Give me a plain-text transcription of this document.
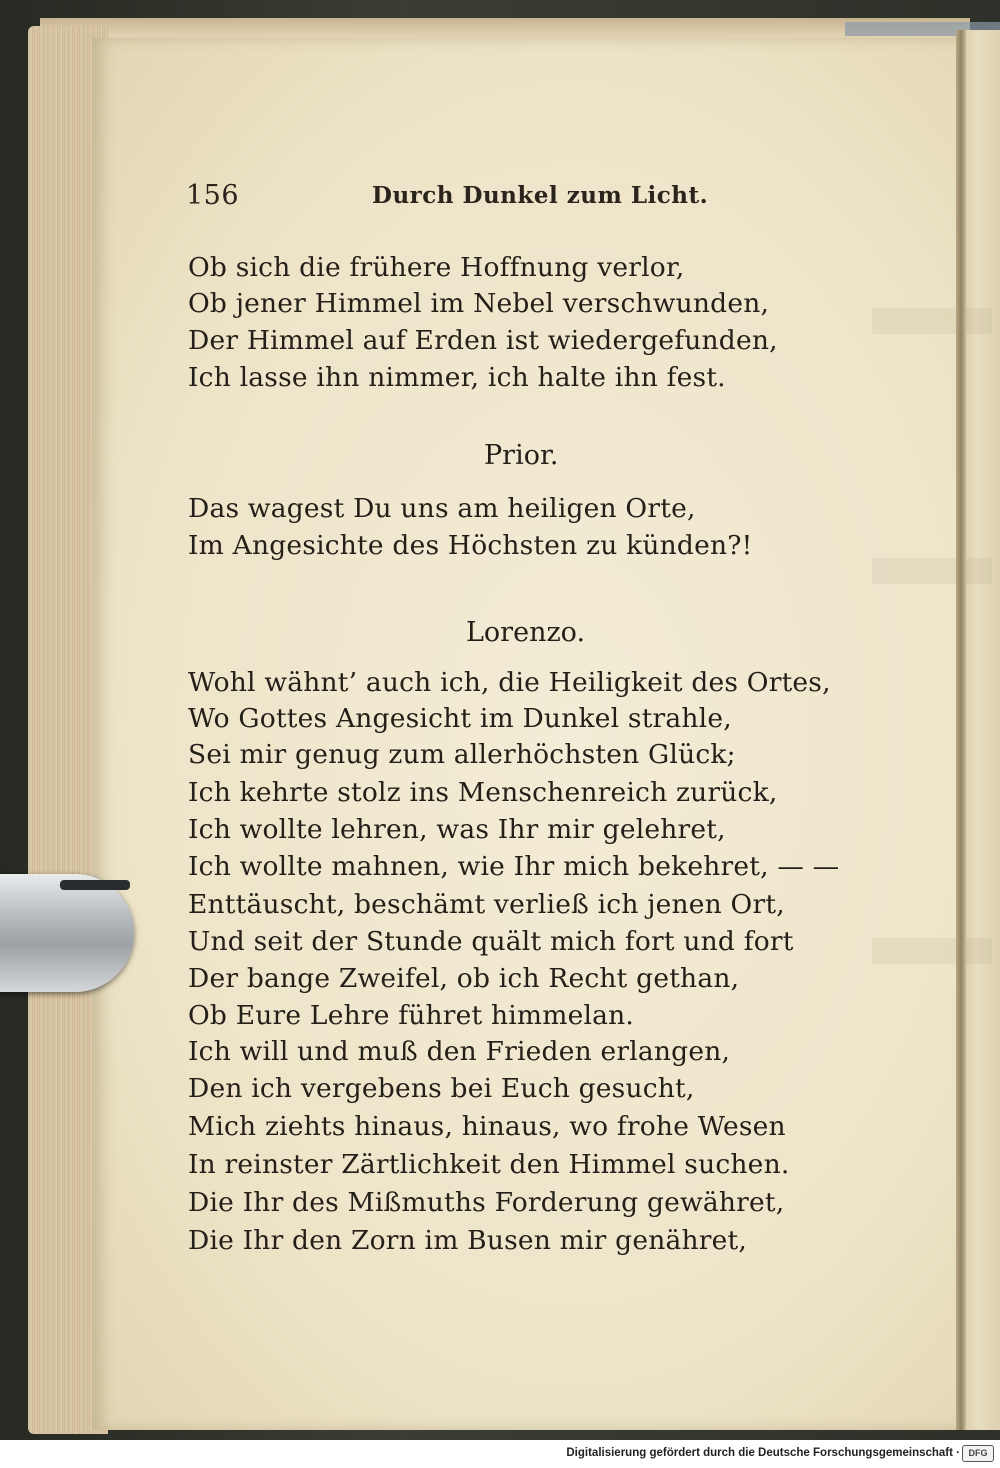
156	Durch Dunkel zum Licht.
Ob sich die frühere Hoffnung verlor,
Ob jener Himmel im Nebel verschwunden,
Der Himmel auf Erden ist wiedergefunden,
Ich lasse ihn nimmer, ich halte ihn fest.
Prior.
Das wagest Du uns am heiligen Orte,
Im Angesichte des Höchsten zu künden?!
Lorenzo.
Wohl wähnt’ auch ich, die Heiligkeit des Ortes,
Wo Gottes Angesicht im Dunkel strahle,
Sei mir genug zum allerhöchsten Glück;
Ich kehrte stolz ins Menschenreich zurück,
Ich wollte lehren, was Ihr mir gelehret,
Ich wollte mahnen, wie Ihr mich bekehret, — —
Enttäuscht, beschämt verließ ich jenen Ort,
Und seit der Stunde quält mich fort und fort
Der bange Zweifel, ob ich Recht gethan,
Ob Eure Lehre führet himmelan.
Ich will und muß den Frieden erlangen,
Den ich vergebens bei Euch gesucht,
Mich ziehts hinaus, hinaus, wo frohe Wesen
In reinster Zärtlichkeit den Himmel suchen.
Die Ihr des Mißmuths Forderung gewähret,
Die Ihr den Zorn im Busen mir genähret,
Digitalisierung gefördert durch die Deutsche Forschungsgemeinschaft · DFG
